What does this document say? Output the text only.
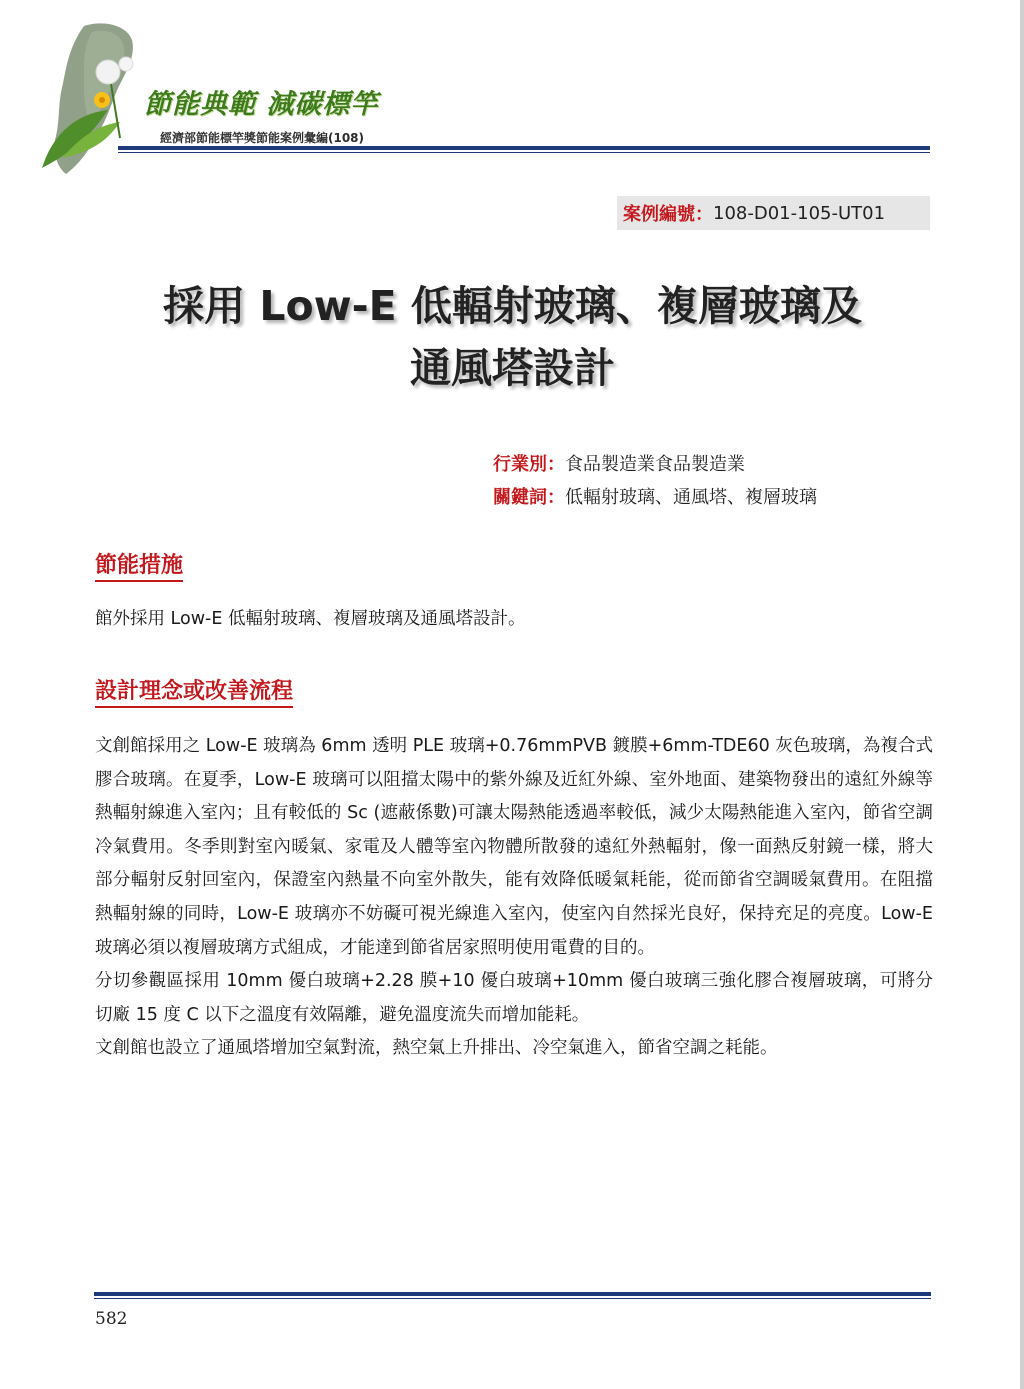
節能典範 減碳標竿
經濟部節能標竿獎節能案例彙編(108)
案例編號： 108-D01-105-UT01
採用 Low-E 低輻射玻璃、複層玻璃及
通風塔設計
行業別：食品製造業食品製造業
關鍵詞：低輻射玻璃、通風塔、複層玻璃
節能措施

館外採用 Low-E 低輻射玻璃、複層玻璃及通風塔設計。

設計理念或改善流程

文創館採用之 Low-E 玻璃為 6mm 透明 PLE 玻璃+0.76mmPVB 鍍膜+6mm-TDE60 灰色玻璃，為複合式膠合玻璃。在夏季，Low-E 玻璃可以阻擋太陽中的紫外線及近紅外線、室外地面、建築物發出的遠紅外線等熱輻射線進入室內；且有較低的 Sc (遮蔽係數)可讓太陽熱能透過率較低，減少太陽熱能進入室內，節省空調冷氣費用。冬季則對室內暖氣、家電及人體等室內物體所散發的遠紅外熱輻射，像一面熱反射鏡一樣，將大部分輻射反射回室內，保證室內熱量不向室外散失，能有效降低暖氣耗能，從而節省空調暖氣費用。在阻擋熱輻射線的同時，Low-E 玻璃亦不妨礙可視光線進入室內，使室內自然採光良好，保持充足的亮度。Low-E 玻璃必須以複層玻璃方式組成，才能達到節省居家照明使用電費的目的。

分切參觀區採用 10mm 優白玻璃+2.28 膜+10 優白玻璃+10mm 優白玻璃三強化膠合複層玻璃，可將分切廠 15 度 C 以下之溫度有效隔離，避免溫度流失而增加能耗。

文創館也設立了通風塔增加空氣對流，熱空氣上升排出、冷空氣進入，節省空調之耗能。

582
